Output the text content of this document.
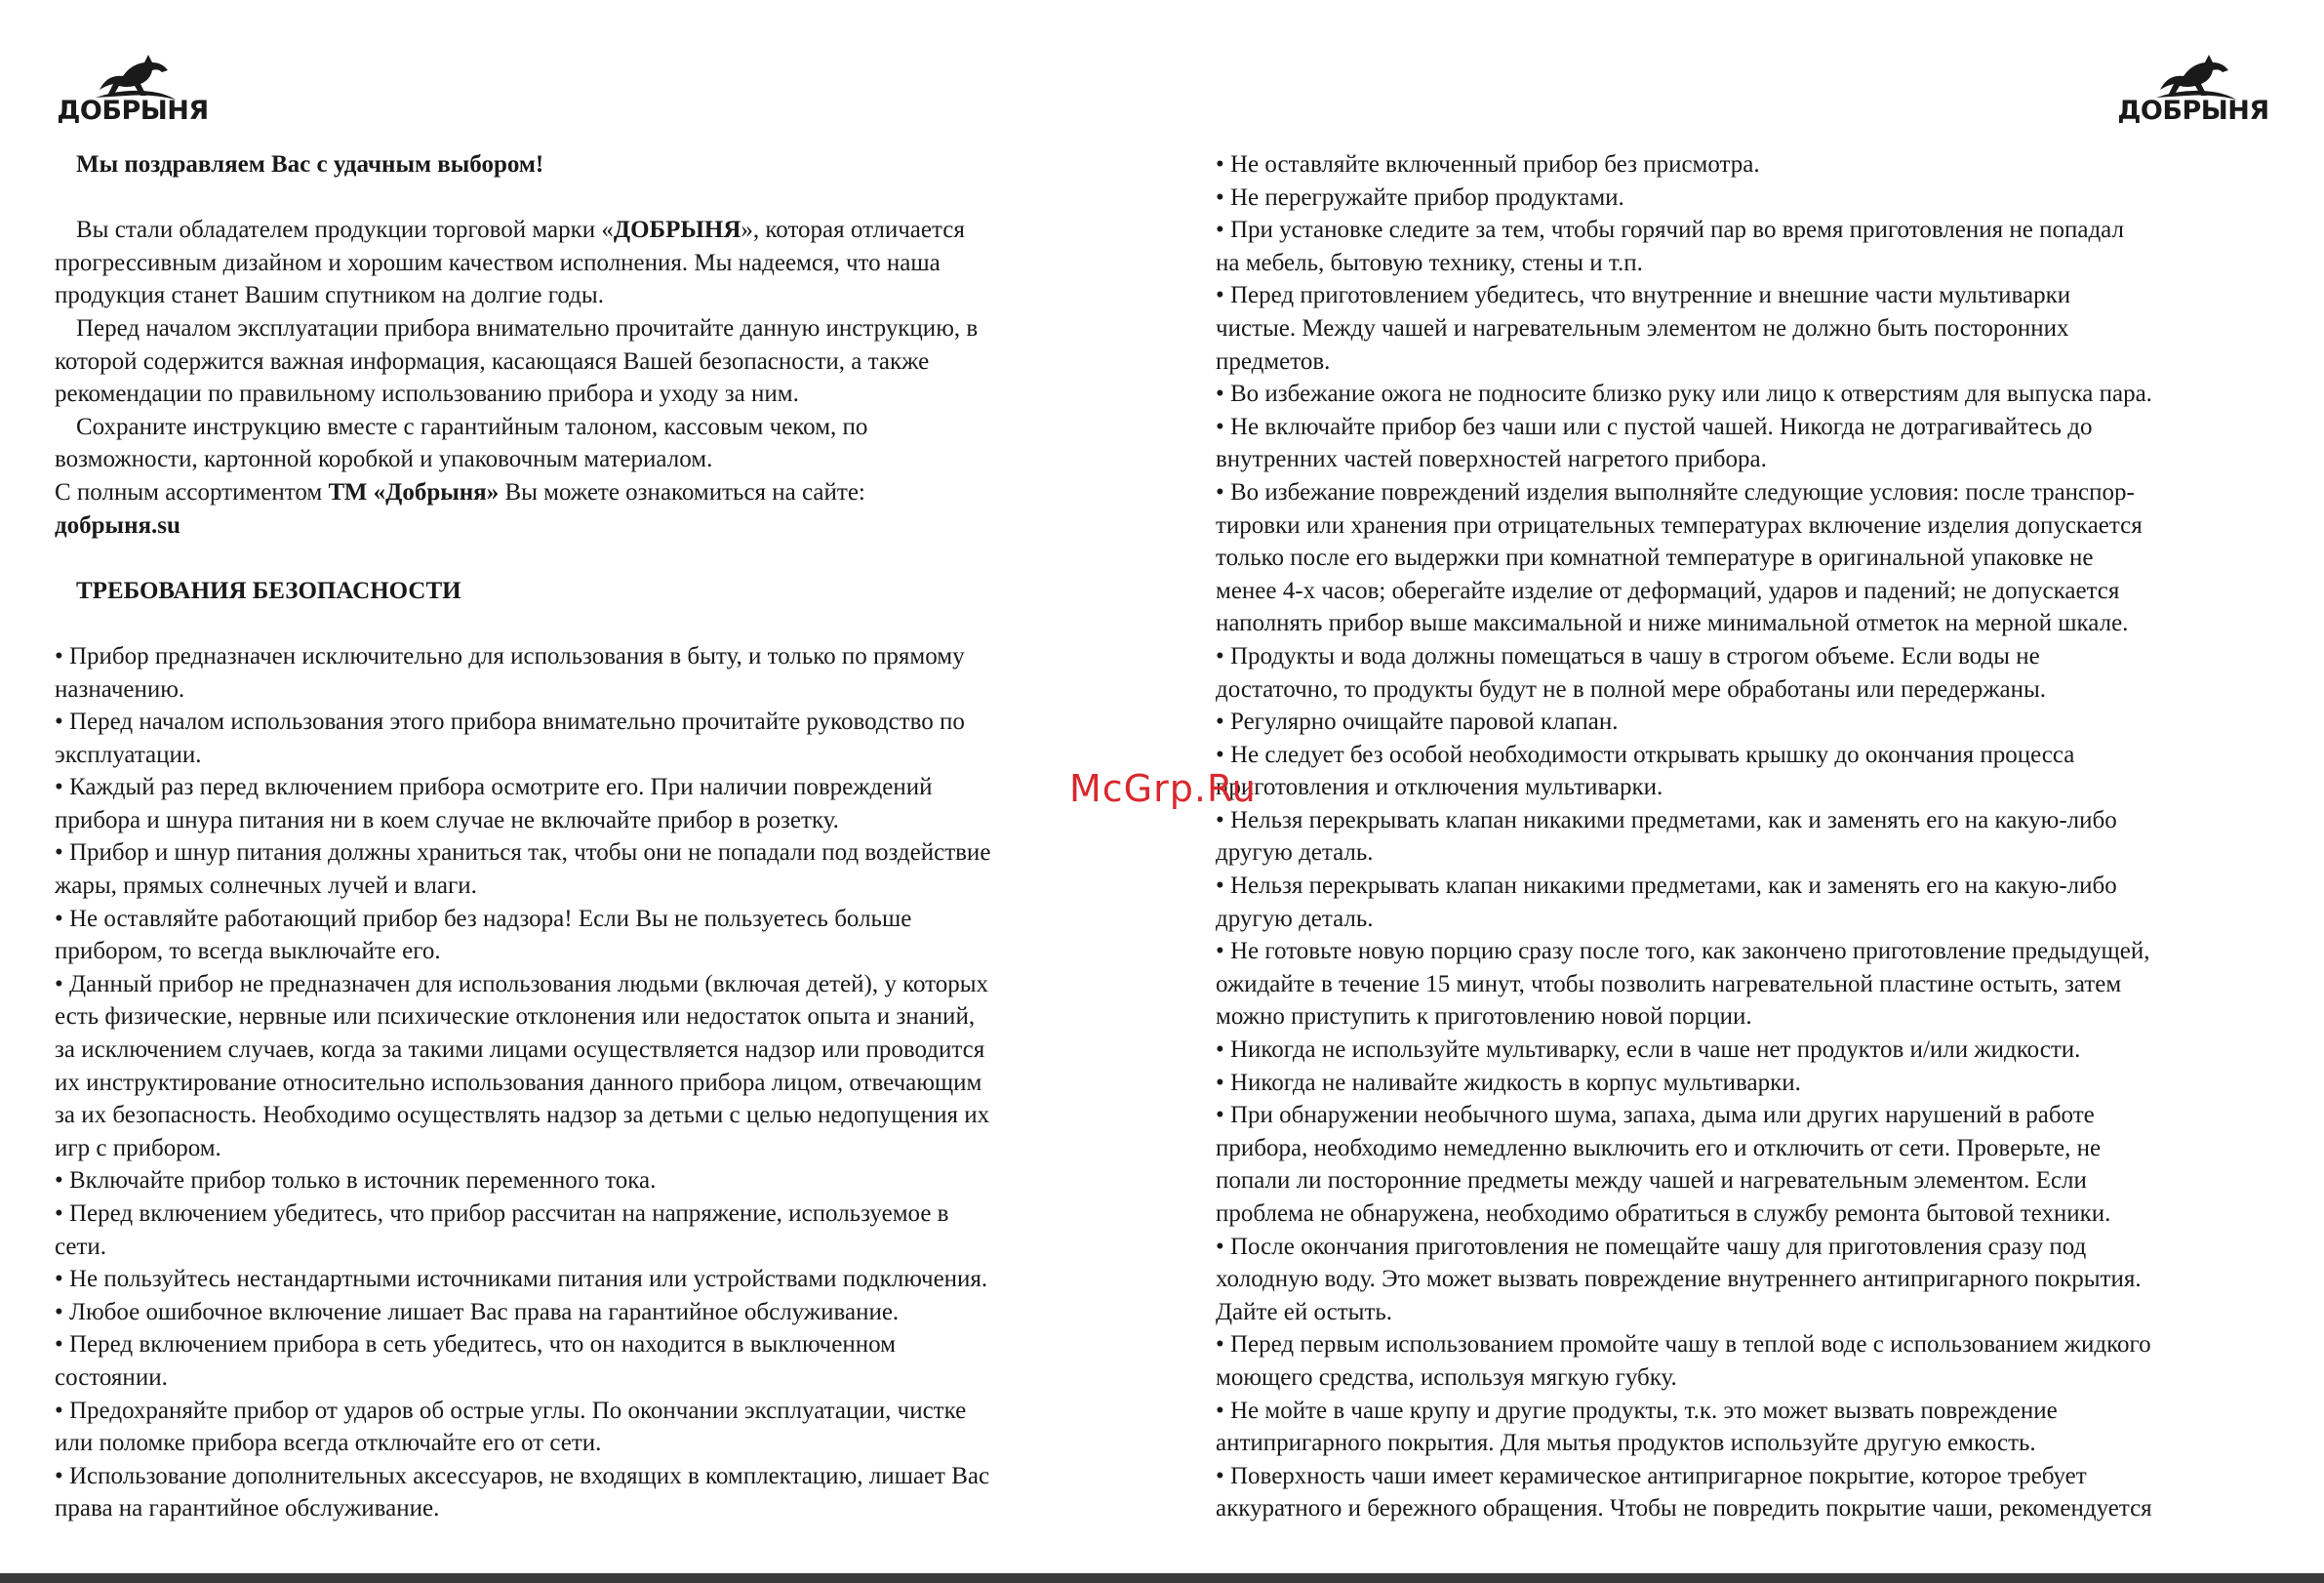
ДОБРЫНЯ	ДОБРЫНЯ

Мы поздравляем Вас с удачным выбором!

Вы стали обладателем продукции торговой марки «ДОБРЫНЯ», которая отличается

прогрессивным дизайном и хорошим качеством исполнения. Мы надеемся, что наша

продукция станет Вашим спутником на долгие годы.

Перед началом эксплуатации прибора внимательно прочитайте данную инструкцию, в

которой содержится важная информация, касающаяся Вашей безопасности, а также

рекомендации по правильному использованию прибора и уходу за ним.

Сохраните инструкцию вместе с гарантийным талоном, кассовым чеком, по

возможности, картонной коробкой и упаковочным материалом.

С полным ассортиментом ТМ «Добрыня» Вы можете ознакомиться на сайте:

добрыня.su

ТРЕБОВАНИЯ БЕЗОПАСНОСТИ

• Прибор предназначен исключительно для использования в быту, и только по прямому

назначению.

• Перед началом использования этого прибора внимательно прочитайте руководство по

эксплуатации.

• Каждый раз перед включением прибора осмотрите его. При наличии повреждений

прибора и шнура питания ни в коем случае не включайте прибор в розетку.

• Прибор и шнур питания должны храниться так, чтобы они не попадали под воздействие

жары, прямых солнечных лучей и влаги.

• Не оставляйте работающий прибор без надзора! Если Вы не пользуетесь больше

прибором, то всегда выключайте его.

• Данный прибор не предназначен для использования людьми (включая детей), у которых

есть физические, нервные или психические отклонения или недостаток опыта и знаний,

за исключением случаев, когда за такими лицами осуществляется надзор или проводится

их инструктирование относительно использования данного прибора лицом, отвечающим

за их безопасность. Необходимо осуществлять надзор за детьми с целью недопущения их

игр с прибором.

• Включайте прибор только в источник переменного тока.

• Перед включением убедитесь, что прибор рассчитан на напряжение, используемое в

сети.

• Не пользуйтесь нестандартными источниками питания или устройствами подключения.

• Любое ошибочное включение лишает Вас права на гарантийное обслуживание.

• Перед включением прибора в сеть убедитесь, что он находится в выключенном

состоянии.

• Предохраняйте прибор от ударов об острые углы. По окончании эксплуатации, чистке

или поломке прибора всегда отключайте его от сети.

• Использование дополнительных аксессуаров, не входящих в комплектацию, лишает Вас

права на гарантийное обслуживание.

• Не оставляйте включенный прибор без присмотра.

• Не перегружайте прибор продуктами.

• При установке следите за тем, чтобы горячий пар во время приготовления не попадал

на мебель, бытовую технику, стены и т.п.

• Перед приготовлением убедитесь, что внутренние и внешние части мультиварки

чистые. Между чашей и нагревательным элементом не должно быть посторонних

предметов.

• Во избежание ожога не подносите близко руку или лицо к отверстиям для выпуска пара.

• Не включайте прибор без чаши или с пустой чашей. Никогда не дотрагивайтесь до

внутренних частей поверхностей нагретого прибора.

• Во избежание повреждений изделия выполняйте следующие условия: после транспор-

тировки или хранения при отрицательных температурах включение изделия допускается

только после его выдержки при комнатной температуре в оригинальной упаковке не

менее 4-х часов; оберегайте изделие от деформаций, ударов и падений; не допускается

наполнять прибор выше максимальной и ниже минимальной отметок на мерной шкале.

• Продукты и вода должны помещаться в чашу в строгом объеме. Если воды не

достаточно, то продукты будут не в полной мере обработаны или передержаны.

• Регулярно очищайте паровой клапан.

• Не следует без особой необходимости открывать крышку до окончания процесса

приготовления и отключения мультиварки.

• Нельзя перекрывать клапан никакими предметами, как и заменять его на какую-либо

другую деталь.

• Нельзя перекрывать клапан никакими предметами, как и заменять его на какую-либо

другую деталь.

• Не готовьте новую порцию сразу после того, как закончено приготовление предыдущей,

ожидайте в течение 15 минут, чтобы позволить нагревательной пластине остыть, затем

можно приступить к приготовлению новой порции.

• Никогда не используйте мультиварку, если в чаше нет продуктов и/или жидкости.

• Никогда не наливайте жидкость в корпус мультиварки.

• При обнаружении необычного шума, запаха, дыма или других нарушений в работе

прибора, необходимо немедленно выключить его и отключить от сети. Проверьте, не

попали ли посторонние предметы между чашей и нагревательным элементом. Если

проблема не обнаружена, необходимо обратиться в службу ремонта бытовой техники.

• После окончания приготовления не помещайте чашу для приготовления сразу под

холодную воду. Это может вызвать повреждение внутреннего антипригарного покрытия.

Дайте ей остыть.

• Перед первым использованием промойте чашу в теплой воде с использованием жидкого

моющего средства, используя мягкую губку.

• Не мойте в чаше крупу и другие продукты, т.к. это может вызвать повреждение

антипригарного покрытия. Для мытья продуктов используйте другую емкость.

• Поверхность чаши имеет керамическое антипригарное покрытие, которое требует

аккуратного и бережного обращения. Чтобы не повредить покрытие чаши, рекомендуется

McGrp.Ru
